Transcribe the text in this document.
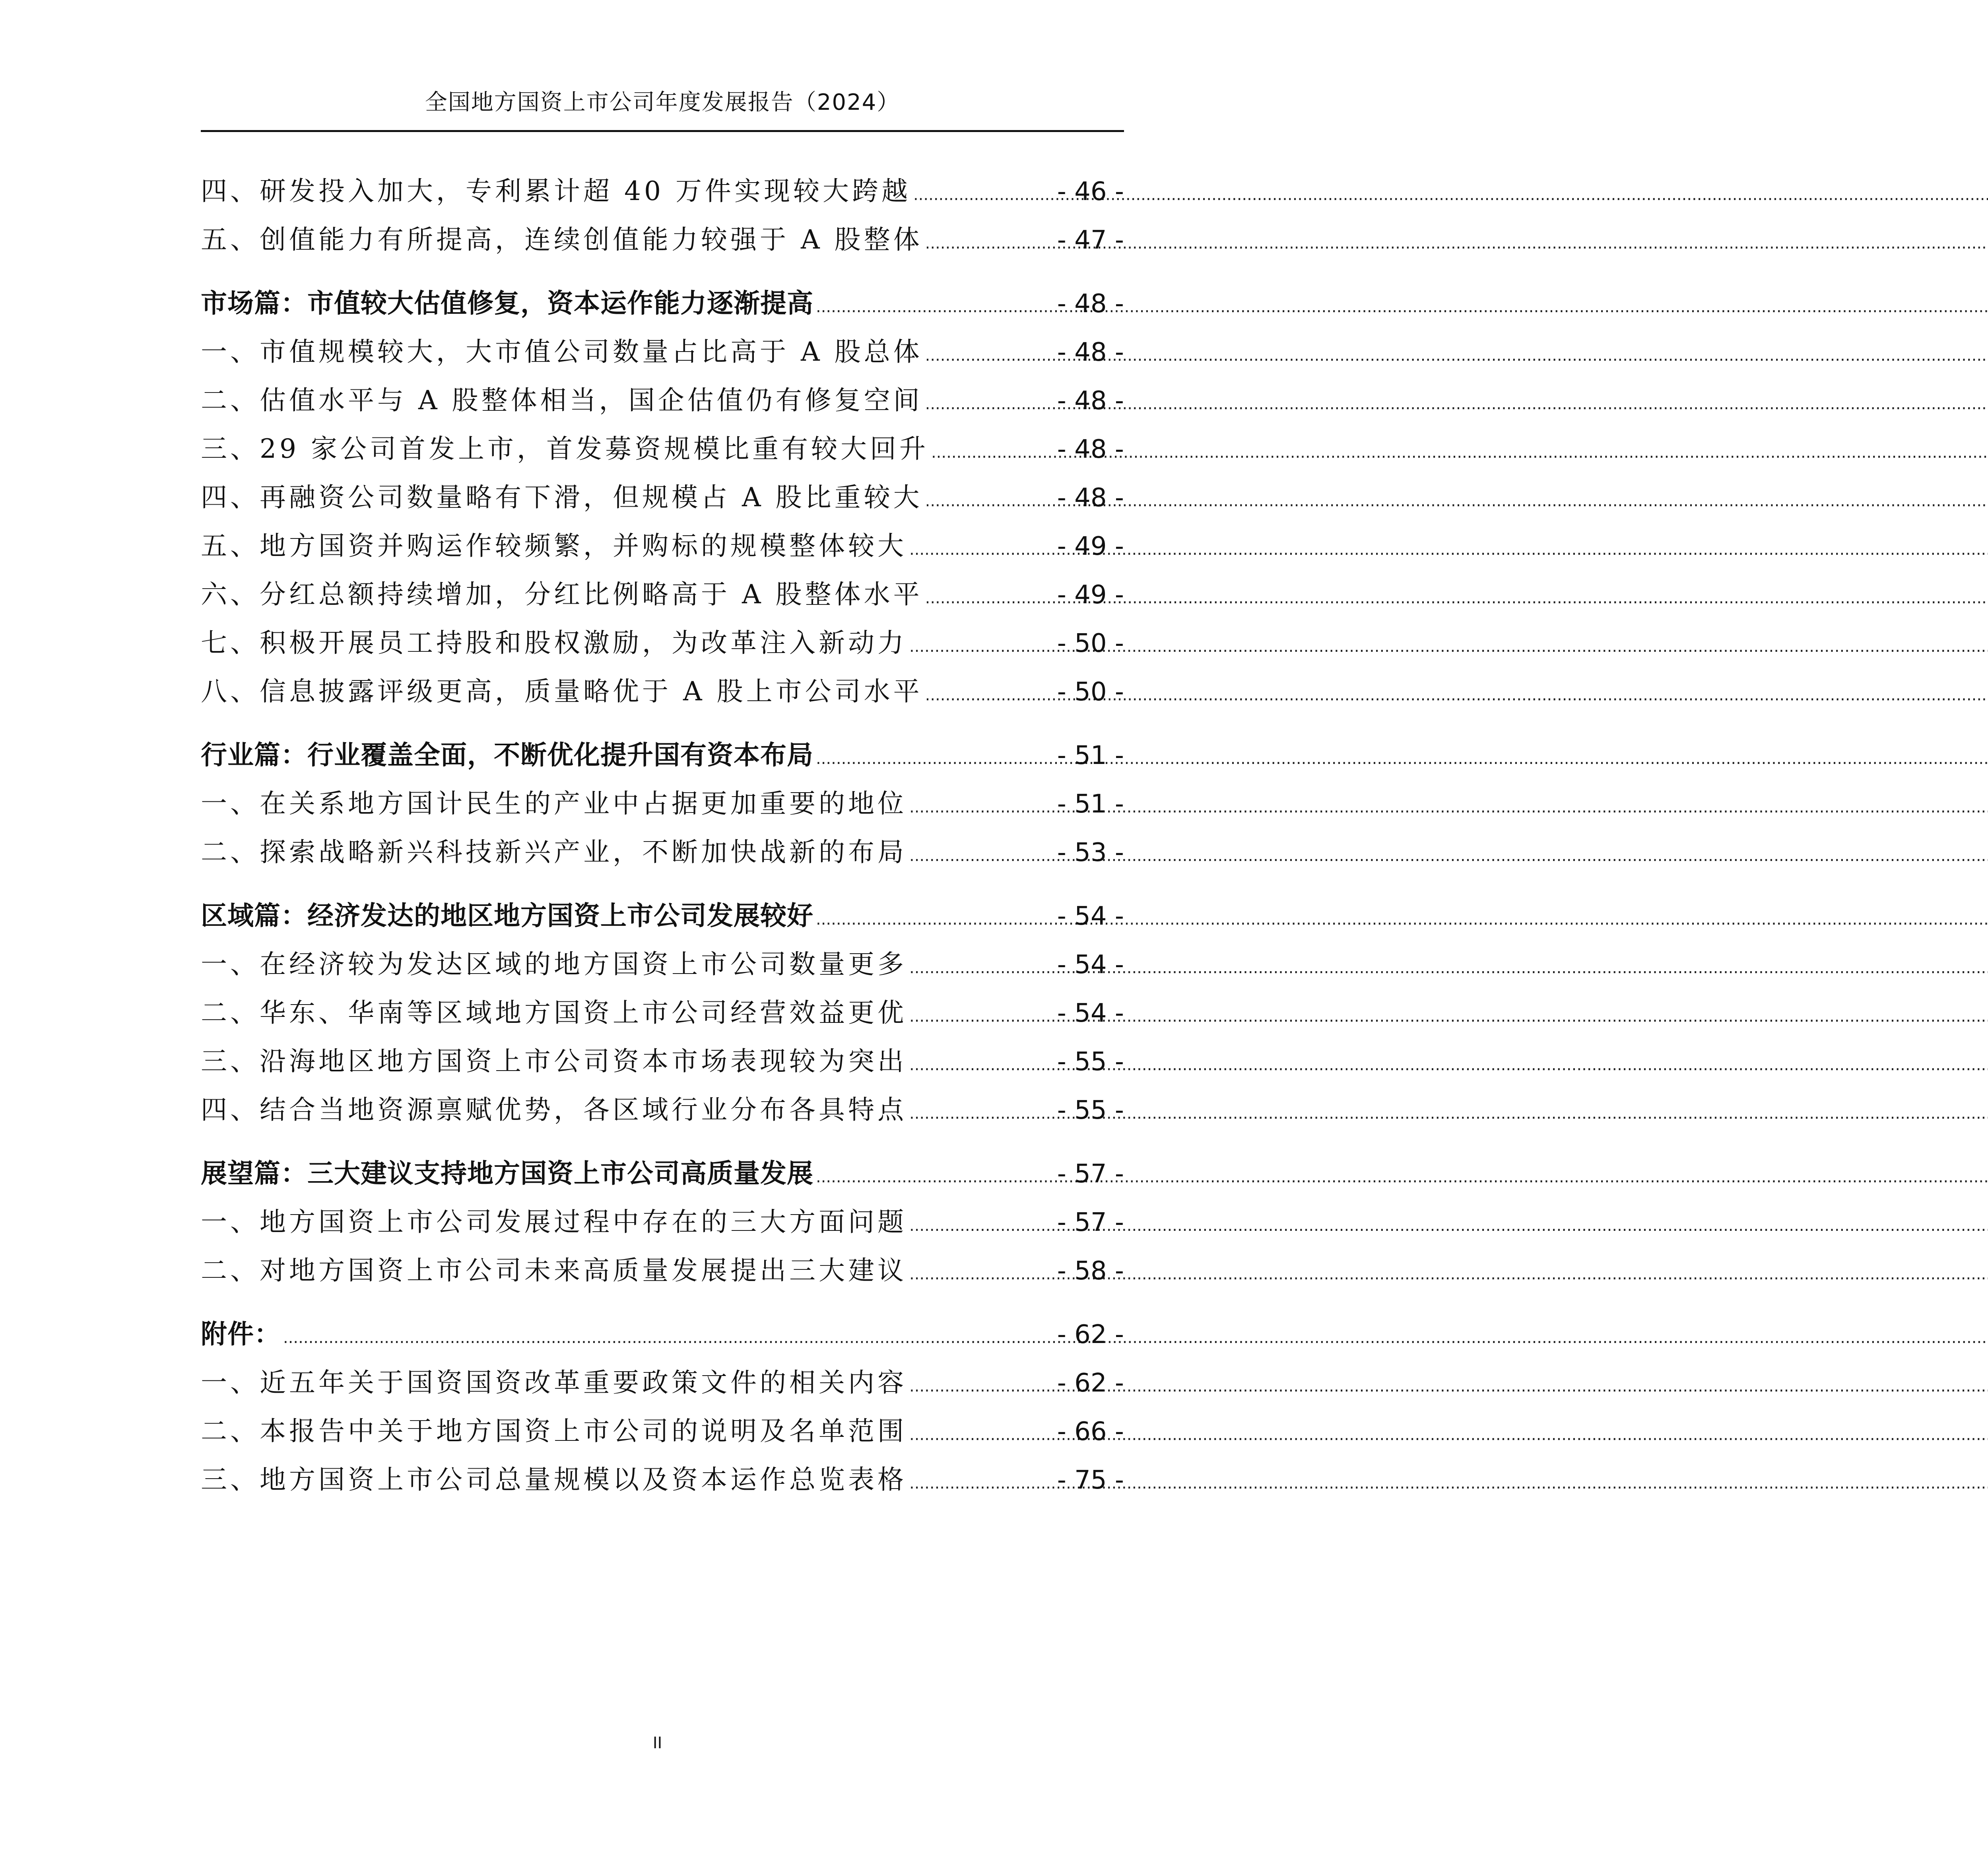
全国地方国资上市公司年度发展报告（2024）
四、研发投入加大，专利累计超 40 万件实现较大跨越 .....	- 46 -
五、创值能力有所提高，连续创值能力较强于 A 股整体 .....	- 47 -
市场篇：市值较大估值修复，资本运作能力逐渐提高 .....	- 48 -
一、市值规模较大，大市值公司数量占比高于 A 股总体 .....	- 48 -
二、估值水平与 A 股整体相当，国企估值仍有修复空间 .....	- 48 -
三、29 家公司首发上市，首发募资规模比重有较大回升 .....	- 48 -
四、再融资公司数量略有下滑，但规模占 A 股比重较大 .....	- 48 -
五、地方国资并购运作较频繁，并购标的规模整体较大 .....	- 49 -
六、分红总额持续增加，分红比例略高于 A 股整体水平 .....	- 49 -
七、积极开展员工持股和股权激励，为改革注入新动力 .....	- 50 -
八、信息披露评级更高，质量略优于 A 股上市公司水平 .....	- 50 -
行业篇：行业覆盖全面，不断优化提升国有资本布局 .....	- 51 -
一、在关系地方国计民生的产业中占据更加重要的地位 .....	- 51 -
二、探索战略新兴科技新兴产业，不断加快战新的布局 .....	- 53 -
区域篇：经济发达的地区地方国资上市公司发展较好 .....	- 54 -
一、在经济较为发达区域的地方国资上市公司数量更多 .....	- 54 -
二、华东、华南等区域地方国资上市公司经营效益更优 .....	- 54 -
三、沿海地区地方国资上市公司资本市场表现较为突出 .....	- 55 -
四、结合当地资源禀赋优势，各区域行业分布各具特点 .....	- 55 -
展望篇：三大建议支持地方国资上市公司高质量发展 .....	- 57 -
一、地方国资上市公司发展过程中存在的三大方面问题 .....	- 57 -
二、对地方国资上市公司未来高质量发展提出三大建议 .....	- 58 -
附件： .....	- 62 -
一、近五年关于国资国资改革重要政策文件的相关内容 .....	- 62 -
二、本报告中关于地方国资上市公司的说明及名单范围 .....	- 66 -
三、地方国资上市公司总量规模以及资本运作总览表格 .....	- 75 -
II
